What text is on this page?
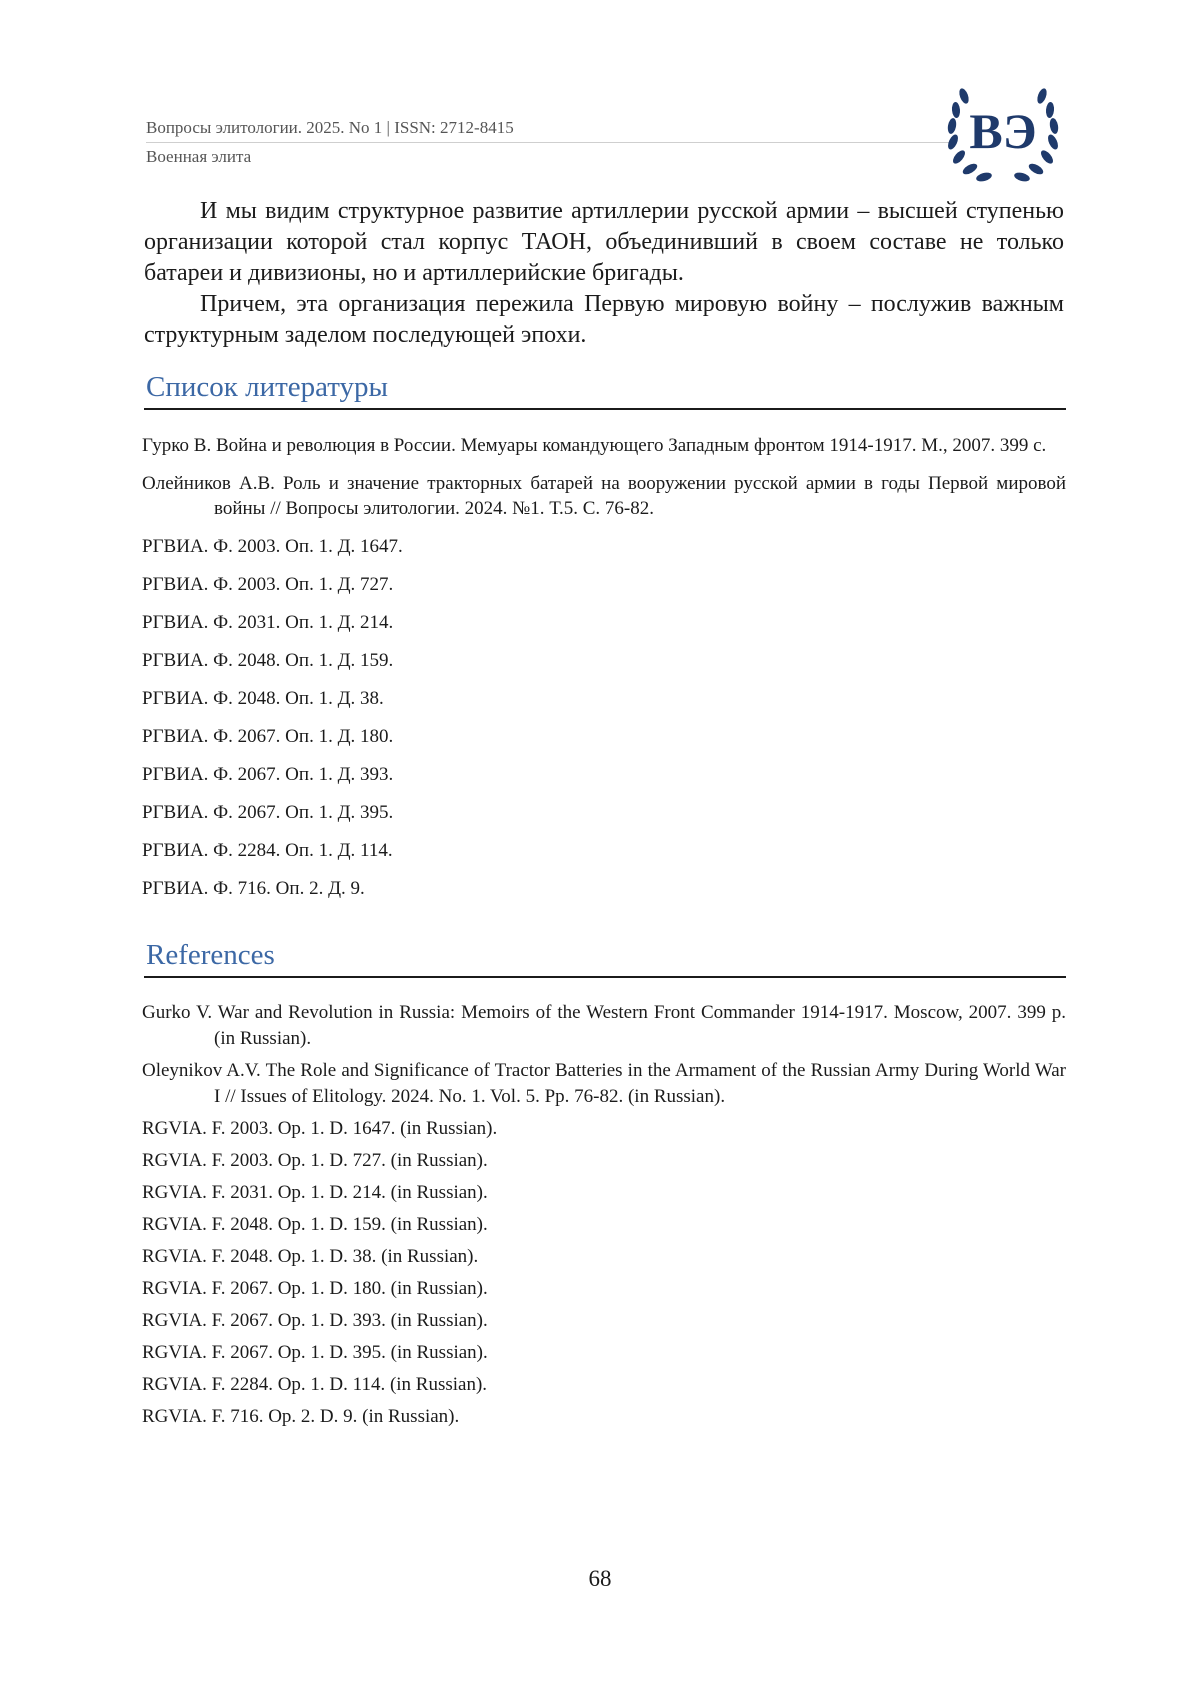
Вопросы элитологии. 2025. No 1 | ISSN: 2712-8415
Военная элита	ВЭ

И мы видим структурное развитие артиллерии русской армии – высшей ступенью организации которой стал корпус ТАОН, объединивший в своем составе не только батареи и дивизионы, но и артиллерийские бригады.

Причем, эта организация пережила Первую мировую войну – послужив важным структурным заделом последующей эпохи.

Список литературы
Гурко В. Война и революция в России. Мемуары командующего Западным фронтом 1914-1917. М., 2007. 399 с.
Олейников А.В. Роль и значение тракторных батарей на вооружении русской армии в годы Первой мировой войны // Вопросы элитологии. 2024. №1. Т.5. С. 76-82.
РГВИА. Ф. 2003. Оп. 1. Д. 1647.
РГВИА. Ф. 2003. Оп. 1. Д. 727.
РГВИА. Ф. 2031. Оп. 1. Д. 214.
РГВИА. Ф. 2048. Оп. 1. Д. 159.
РГВИА. Ф. 2048. Оп. 1. Д. 38.
РГВИА. Ф. 2067. Оп. 1. Д. 180.
РГВИА. Ф. 2067. Оп. 1. Д. 393.
РГВИА. Ф. 2067. Оп. 1. Д. 395.
РГВИА. Ф. 2284. Оп. 1. Д. 114.
РГВИА. Ф. 716. Оп. 2. Д. 9.
References
Gurko V. War and Revolution in Russia: Memoirs of the Western Front Commander 1914-1917. Moscow, 2007. 399 p. (in Russian).
Oleynikov A.V. The Role and Significance of Tractor Batteries in the Armament of the Russian Army During World War I // Issues of Elitology. 2024. No. 1. Vol. 5. Pp. 76-82. (in Russian).
RGVIA. F. 2003. Op. 1. D. 1647. (in Russian).
RGVIA. F. 2003. Op. 1. D. 727. (in Russian).
RGVIA. F. 2031. Op. 1. D. 214. (in Russian).
RGVIA. F. 2048. Op. 1. D. 159. (in Russian).
RGVIA. F. 2048. Op. 1. D. 38. (in Russian).
RGVIA. F. 2067. Op. 1. D. 180. (in Russian).
RGVIA. F. 2067. Op. 1. D. 393. (in Russian).
RGVIA. F. 2067. Op. 1. D. 395. (in Russian).
RGVIA. F. 2284. Op. 1. D. 114. (in Russian).
RGVIA. F. 716. Op. 2. D. 9. (in Russian).
68
